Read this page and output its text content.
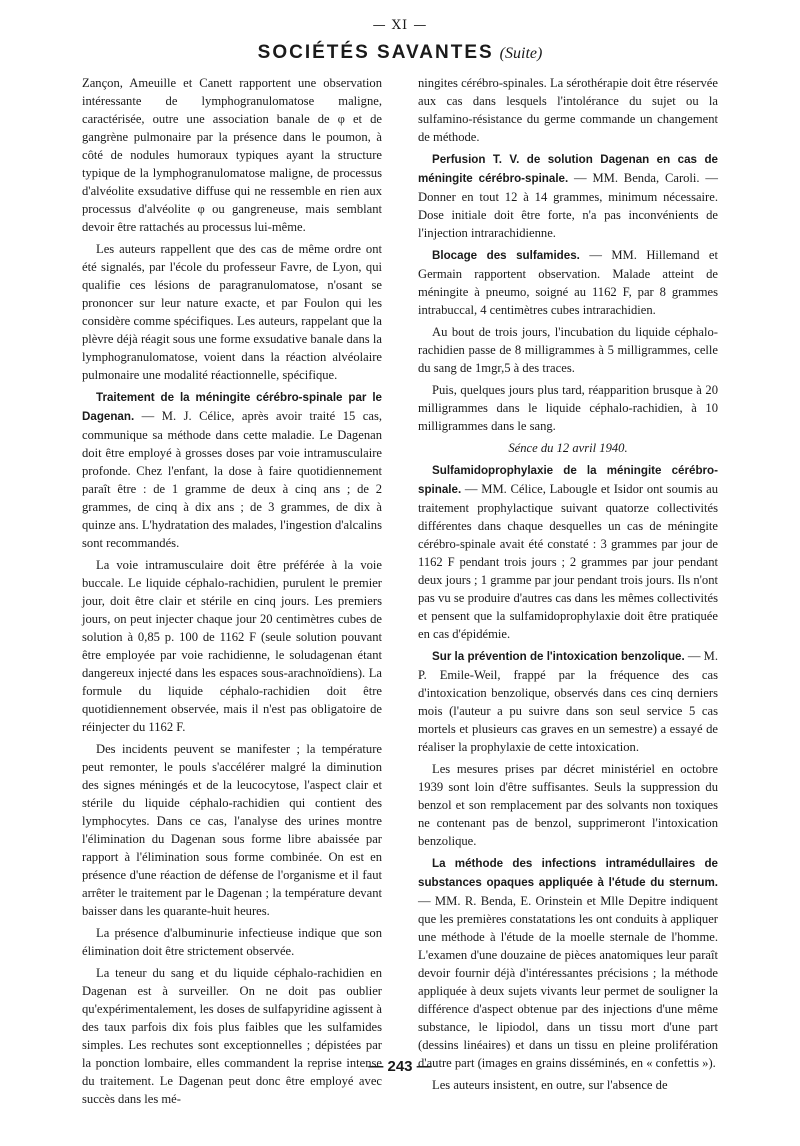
— XI —
SOCIÉTÉS SAVANTES (Suite)

Zançon, Ameuille et Canett rapportent une observation intéressante de lymphogranulomatose maligne, caractérisée, outre une association banale de φ et de gangrène pulmonaire par la présence dans le poumon, à côté de nodules humoraux typiques ayant la structure typique de la lymphogranulomatose maligne, de processus d'alvéolite exsudative diffuse qui ne ressemble en rien aux processus d'alvéolite φ ou gangreneuse, mais semblant devoir être rattachés au processus lui-même.

Les auteurs rappellent que des cas de même ordre ont été signalés, par l'école du professeur Favre, de Lyon, qui qualifie ces lésions de paragranulomatose, n'osant se prononcer sur leur nature exacte, et par Foulon qui les considère comme spécifiques. Les auteurs, rappelant que la plèvre déjà réagit sous une forme exsudative banale dans la lymphogranulomatose, voient dans la réaction alvéolaire pulmonaire une modalité réactionnelle, spécifique.

Traitement de la méningite cérébro-spinale par le Dagenan. — M. J. Célice, après avoir traité 15 cas, communique sa méthode dans cette maladie. Le Dagenan doit être employé à grosses doses par voie intramusculaire profonde. Chez l'enfant, la dose à faire quotidiennement paraît être : de 1 gramme de deux à cinq ans ; de 2 grammes, de cinq à dix ans ; de 3 grammes, de dix à quinze ans. L'hydratation des malades, l'ingestion d'alcalins sont recommandés.

La voie intramusculaire doit être préférée à la voie buccale. Le liquide céphalo-rachidien, purulent le premier jour, doit être clair et stérile en cinq jours. Les premiers jours, on peut injecter chaque jour 20 centimètres cubes de solution à 0,85 p. 100 de 1162 F (seule solution pouvant être employée par voie rachidienne, le soludagenan étant dangereux injecté dans les espaces sous-arachnoïdiens). La formule du liquide céphalo-rachidien doit être quotidiennement observée, mais il n'est pas obligatoire de réinjecter du 1162 F.

Des incidents peuvent se manifester ; la température peut remonter, le pouls s'accélérer malgré la diminution des signes méningés et de la leucocytose, l'aspect clair et stérile du liquide céphalo-rachidien qui contient des lymphocytes. Dans ce cas, l'analyse des urines montre l'élimination du Dagenan sous forme libre abaissée par rapport à l'élimination sous forme combinée. On est en présence d'une réaction de défense de l'organisme et il faut arrêter le traitement par le Dagenan ; la température devant baisser dans les quarante-huit heures.

La présence d'albuminurie infectieuse indique que son élimination doit être strictement observée.

La teneur du sang et du liquide céphalo-rachidien en Dagenan est à surveiller. On ne doit pas oublier qu'expérimentalement, les doses de sulfapyridine agissent à des taux parfois dix fois plus faibles que les sulfamides simples. Les rechutes sont exceptionnelles ; dépistées par la ponction lombaire, elles commandent la reprise intense du traitement. Le Dagenan peut donc être employé avec succès dans les mé-

ningites cérébro-spinales. La sérothérapie doit être réservée aux cas dans lesquels l'intolérance du sujet ou la sulfamino-résistance du germe commande un changement de méthode.

Perfusion T. V. de solution Dagenan en cas de méningite cérébro-spinale. — MM. Benda, Caroli. — Donner en tout 12 à 14 grammes, minimum nécessaire. Dose initiale doit être forte, n'a pas inconvénients de l'injection intrarachidienne.

Blocage des sulfamides. — MM. Hillemand et Germain rapportent observation. Malade atteint de méningite à pneumo, soigné au 1162 F, par 8 grammes intrabuccal, 4 centimètres cubes intrarachidien.

Au bout de trois jours, l'incubation du liquide céphalo-rachidien passe de 8 milligrammes à 5 milligrammes, celle du sang de 1mgr,5 à des traces.

Puis, quelques jours plus tard, réapparition brusque à 20 milligrammes dans le liquide céphalo-rachidien, à 10 milligrammes dans le sang.

Sénce du 12 avril 1940.

Sulfamidoprophylaxie de la méningite cérébro-spinale. — MM. Célice, Labougle et Isidor ont soumis au traitement prophylactique suivant quatorze collectivités différentes dans chaque desquelles un cas de méningite cérébro-spinale avait été constaté : 3 grammes par jour de 1162 F pendant trois jours ; 2 grammes par jour pendant deux jours ; 1 gramme par jour pendant trois jours. Ils n'ont pas vu se produire d'autres cas dans les mêmes collectivités et pensent que la sulfamidoprophylaxie doit être pratiquée en cas d'épidémie.

Sur la prévention de l'intoxication benzolique. — M. P. Emile-Weil, frappé par la fréquence des cas d'intoxication benzolique, observés dans ces cinq derniers mois (l'auteur a pu suivre dans son seul service 5 cas mortels et plusieurs cas graves en un semestre) a essayé de réaliser la prophylaxie de cette intoxication.

Les mesures prises par décret ministériel en octobre 1939 sont loin d'être suffisantes. Seuls la suppression du benzol et son remplacement par des solvants non toxiques ne contenant pas de benzol, supprimeront l'intoxication benzolique.

La méthode des infections intramédullaires de substances opaques appliquée à l'étude du sternum. — MM. R. Benda, E. Orinstein et Mlle Depitre indiquent que les premières constatations les ont conduits à appliquer une méthode à l'étude de la moelle sternale de l'homme. L'examen d'une douzaine de pièces anatomiques leur paraît devoir fournir déjà d'intéressantes précisions ; la méthode appliquée à deux sujets vivants leur permet de souligner la différence d'aspect obtenue par des injections d'une même substance, le lipiodol, dans un tissu mort d'une part (dessins linéaires) et dans un tissu en pleine prolifération d'autre part (images en grains disséminés, en « confettis »).

Les auteurs insistent, en outre, sur l'absence de

— 243 —
